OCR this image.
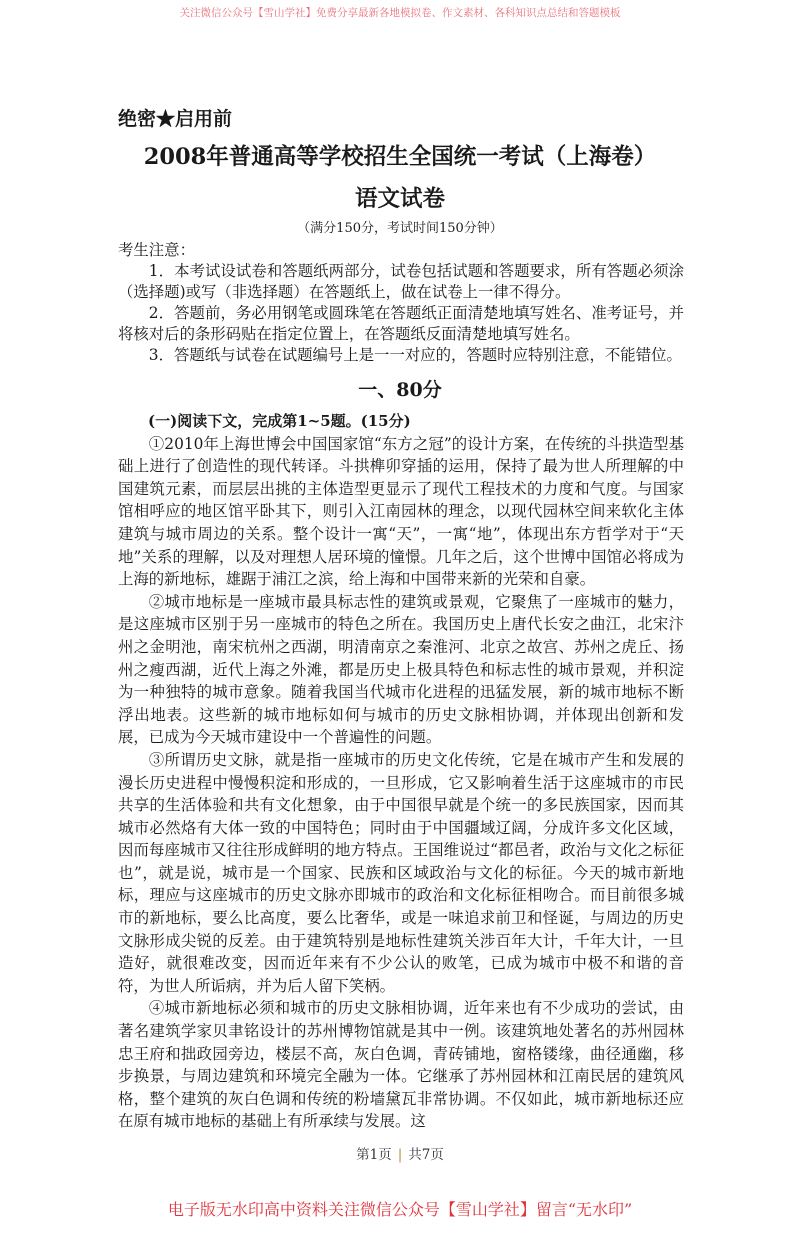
关注微信公众号【雪山学社】免费分享最新各地模拟卷、作文素材、各科知识点总结和答题模板
绝密★启用前
2008年普通高等学校招生全国统一考试（上海卷）
语文试卷
（满分150分，考试时间150分钟）

考生注意：

1．本考试设试卷和答题纸两部分，试卷包括试题和答题要求，所有答题必须涂（选择题)或写（非选择题）在答题纸上，做在试卷上一律不得分。

2．答题前，务必用钢笔或圆珠笔在答题纸正面清楚地填写姓名、准考证号，并将核对后的条形码贴在指定位置上，在答题纸反面清楚地填写姓名。

3．答题纸与试卷在试题编号上是一一对应的，答题时应特别注意，不能错位。

一、80分

(一)阅读下文，完成第1~5题。(15分)

①2010年上海世博会中国国家馆“东方之冠”的设计方案，在传统的斗拱造型基础上进行了创造性的现代转译。斗拱榫卯穿插的运用，保持了最为世人所理解的中国建筑元素，而层层出挑的主体造型更显示了现代工程技术的力度和气度。与国家馆相呼应的地区馆平卧其下，则引入江南园林的理念，以现代园林空间来软化主体建筑与城市周边的关系。整个设计一寓“天”，一寓“地”，体现出东方哲学对于“天地”关系的理解，以及对理想人居环境的憧憬。几年之后，这个世博中国馆必将成为上海的新地标，雄踞于浦江之滨，给上海和中国带来新的光荣和自豪。

②城市地标是一座城市最具标志性的建筑或景观，它聚焦了一座城市的魅力，是这座城市区别于另一座城市的特色之所在。我国历史上唐代长安之曲江，北宋汴州之金明池，南宋杭州之西湖，明清南京之秦淮河、北京之故宫、苏州之虎丘、扬州之瘦西湖，近代上海之外滩，都是历史上极具特色和标志性的城市景观，并积淀为一种独特的城市意象。随着我国当代城市化进程的迅猛发展，新的城市地标不断浮出地表。这些新的城市地标如何与城市的历史文脉相协调，并体现出创新和发展，已成为今天城市建设中一个普遍性的问题。

③所谓历史文脉，就是指一座城市的历史文化传统，它是在城市产生和发展的漫长历史进程中慢慢积淀和形成的，一旦形成，它又影响着生活于这座城市的市民共享的生活体验和共有文化想象，由于中国很早就是个统一的多民族国家，因而其城市必然烙有大体一致的中国特色；同时由于中国疆域辽阔，分成许多文化区域，因而每座城市又往往形成鲜明的地方特点。王国维说过“都邑者，政治与文化之标征也”，就是说，城市是一个国家、民族和区域政治与文化的标征。今天的城市新地标，理应与这座城市的历史文脉亦即城市的政治和文化标征相吻合。而目前很多城市的新地标，要么比高度，要么比奢华，或是一味追求前卫和怪诞，与周边的历史文脉形成尖锐的反差。由于建筑特别是地标性建筑关涉百年大计，千年大计，一旦造好，就很难改变，因而近年来有不少公认的败笔，已成为城市中极不和谐的音符，为世人所诟病，并为后人留下笑柄。

④城市新地标必须和城市的历史文脉相协调，近年来也有不少成功的尝试，由著名建筑学家贝聿铭设计的苏州博物馆就是其中一例。该建筑地处著名的苏州园林忠王府和拙政园旁边，楼层不高，灰白色调，青砖铺地，窗格镂缘，曲径通幽，移步换景，与周边建筑和环境完全融为一体。它继承了苏州园林和江南民居的建筑风格，整个建筑的灰白色调和传统的粉墙黛瓦非常协调。不仅如此，城市新地标还应在原有城市地标的基础上有所承续与发展。这

第1页 | 共7页
电子版无水印高中资料关注微信公众号【雪山学社】留言“无水印”
